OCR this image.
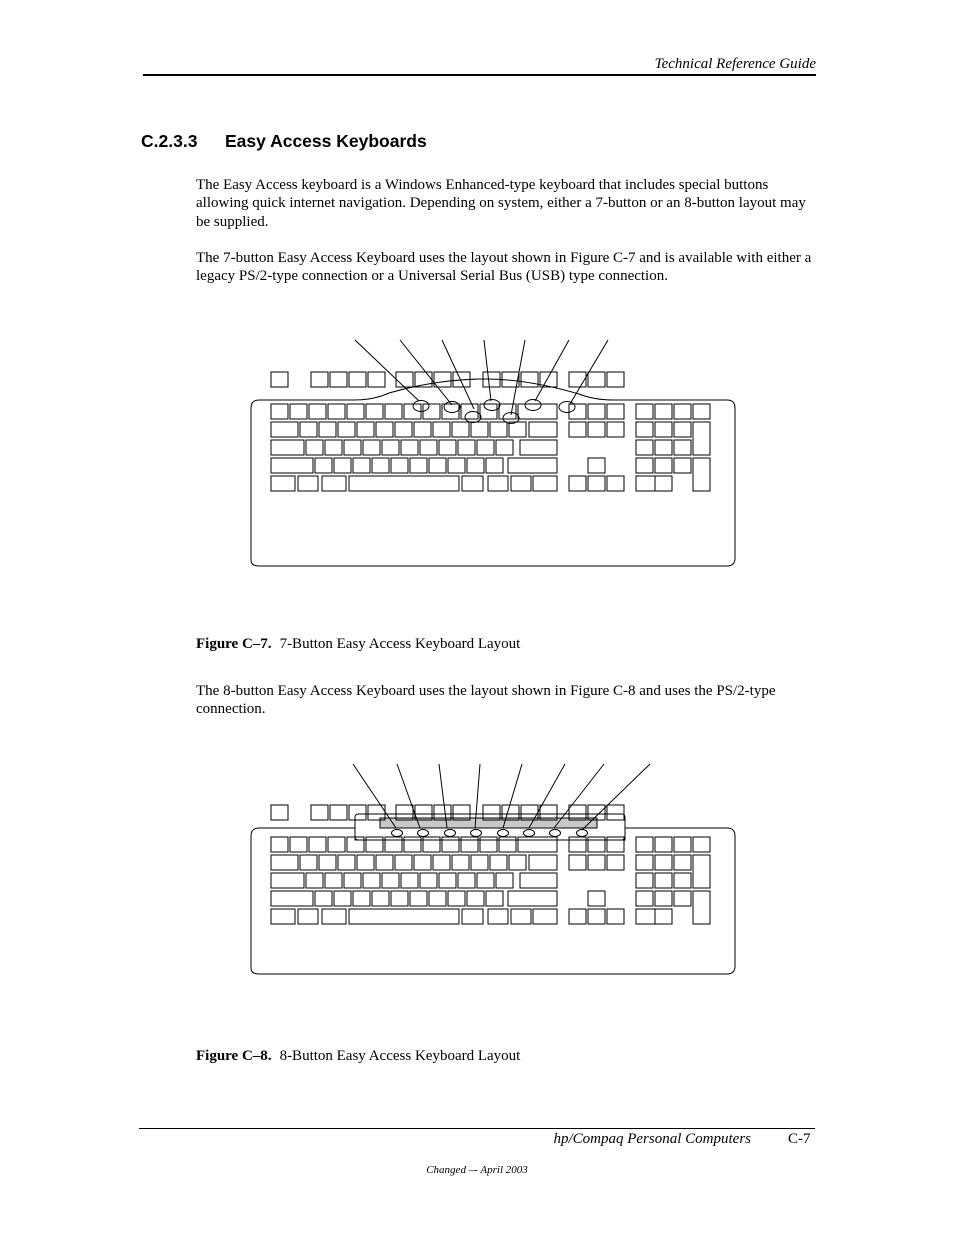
Technical Reference Guide
C.2.3.3 Easy Access Keyboards
The Easy Access keyboard is a Windows Enhanced-type keyboard that includes special buttons allowing quick internet navigation. Depending on system, either a 7-button or an 8-button layout may be supplied.
The 7-button Easy Access Keyboard uses the layout shown in Figure C-7 and is available with either a legacy PS/2-type connection or a Universal Serial Bus (USB) type connection.
Figure C–7. 7-Button Easy Access Keyboard Layout
The 8-button Easy Access Keyboard uses the layout shown in Figure C-8 and uses the PS/2-type connection.
Figure C–8. 8-Button Easy Access Keyboard Layout
hp/Compaq Personal Computers C-7
Changed –- April 2003
